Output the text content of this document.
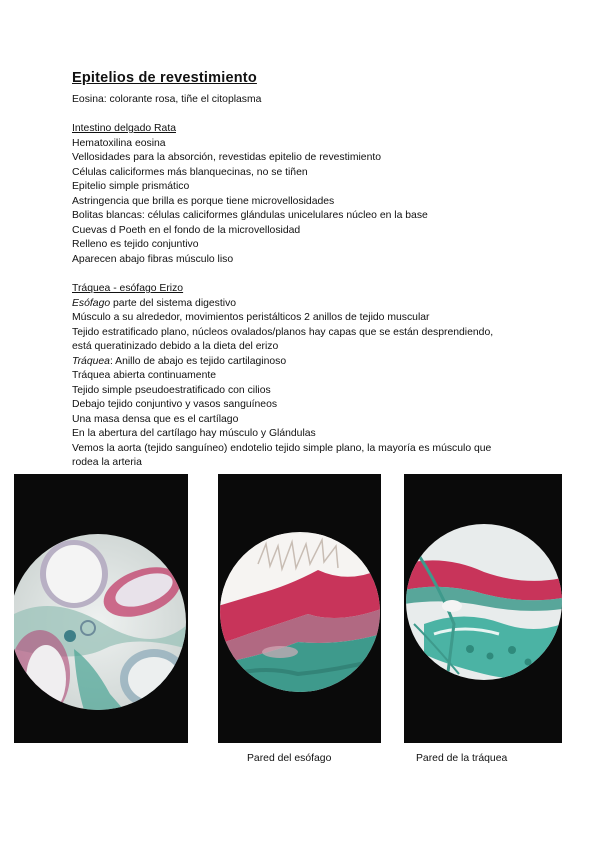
Epitelios de revestimiento
Eosina: colorante rosa, tiñe el citoplasma
Intestino delgado Rata
Hematoxilina eosina
Vellosidades para la absorción, revestidas epitelio de revestimiento
Células caliciformes más blanquecinas, no se tiñen
Epitelio simple prismático
Astringencia que brilla es porque tiene microvellosidades
Bolitas blancas: células caliciformes glándulas unicelulares núcleo en la base
Cuevas d Poeth en el fondo de la microvellosidad
Relleno es tejido conjuntivo
Aparecen abajo fibras músculo liso
Tráquea - esófago Erizo
Esófago parte del sistema digestivo
Músculo a su alrededor, movimientos peristálticos 2 anillos de tejido muscular
Tejido estratificado plano, núcleos ovalados/planos hay capas que se están desprendiendo,
está queratinizado debido a la dieta del erizo
Tráquea: Anillo de abajo es tejido cartilaginoso
Tráquea abierta continuamente
Tejido simple pseudoestratificado con cilios
Debajo tejido conjuntivo y vasos sanguíneos
Una masa densa que es el cartílago
En la abertura del cartílago hay músculo y Glándulas
Vemos la aorta (tejido sanguíneo) endotelio tejido simple plano, la mayoría es músculo que
rodea la arteria
Pared del esófago	Pared de la tráquea
